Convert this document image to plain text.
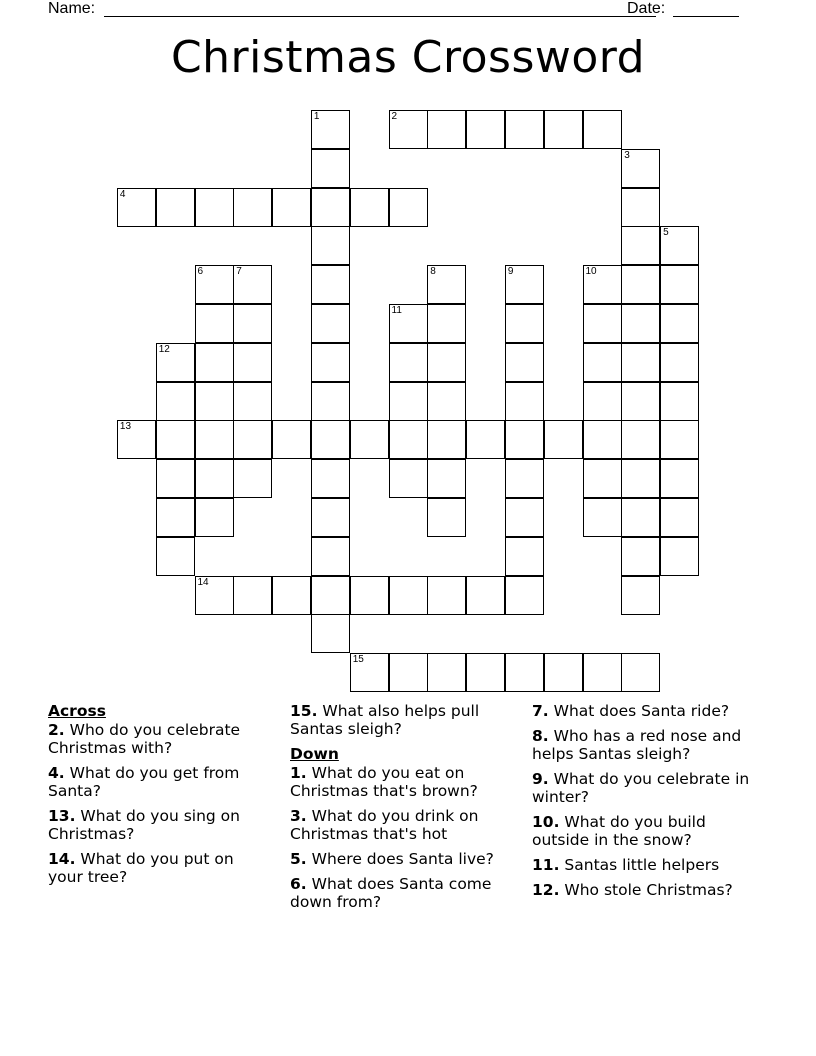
Name:	Date:
Christmas Crossword
1	2
3
4
5
6	7	8	9	10
11
12
13
14
15
Across
2. Who do you celebrate Christmas with?
4. What do you get from Santa?
13. What do you sing on Christmas?
14. What do you put on your tree?
15. What also helps pull Santas sleigh?
Down
1. What do you eat on Christmas that's brown?
3. What do you drink on Christmas that's hot
5. Where does Santa live?
6. What does Santa come down from?
7. What does Santa ride?
8. Who has a red nose and helps Santas sleigh?
9. What do you celebrate in winter?
10. What do you build outside in the snow?
11. Santas little helpers
12. Who stole Christmas?
